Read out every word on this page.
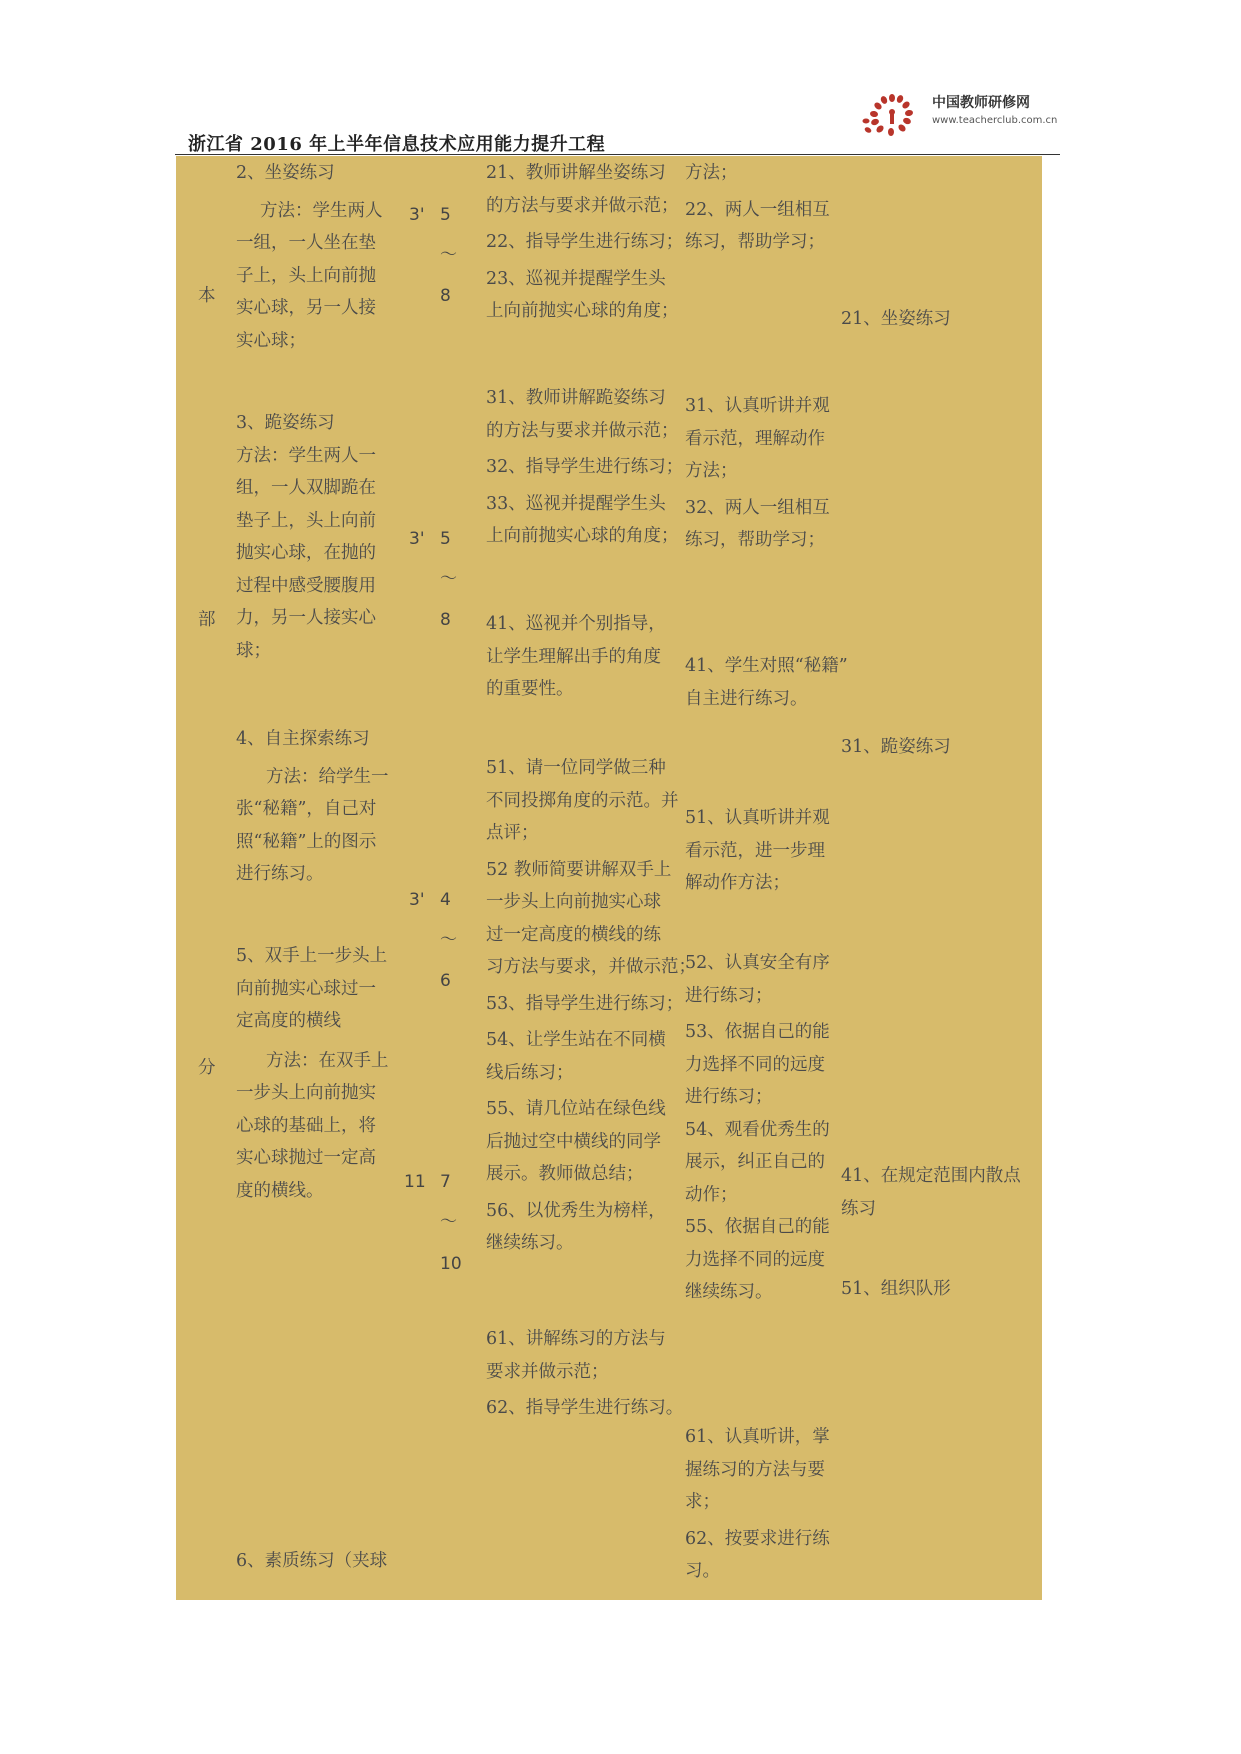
浙江省 2016 年上半年信息技术应用能力提升工程
中国教师研修网
www.teacherclub.com.cn
本
部
分
2、坐姿练习
方法：学生两人
一组，一人坐在垫
子上，头上向前抛
实心球，另一人接
实心球；
3、跪姿练习
方法：学生两人一
组，一人双脚跪在
垫子上，头上向前
抛实心球，在抛的
过程中感受腰腹用
力，另一人接实心
球；
4、自主探索练习
方法：给学生一
张“秘籍”，自己对
照“秘籍”上的图示
进行练习。
5、双手上一步头上
向前抛实心球过一
定高度的横线
方法：在双手上
一步头上向前抛实
心球的基础上，将
实心球抛过一定高
度的横线。
6、素质练习（夹球
3'
3'
3'
11
5
～
8
5
～
8
4
～
6
7
～
10
21、教师讲解坐姿练习
的方法与要求并做示范；
22、指导学生进行练习；
23、巡视并提醒学生头
上向前抛实心球的角度；
31、教师讲解跪姿练习
的方法与要求并做示范；
32、指导学生进行练习；
33、巡视并提醒学生头
上向前抛实心球的角度；
41、巡视并个别指导，
让学生理解出手的角度
的重要性。
51、请一位同学做三种
不同投掷角度的示范。并
点评；
52 教师简要讲解双手上
一步头上向前抛实心球
过一定高度的横线的练
习方法与要求，并做示范；
53、指导学生进行练习；
54、让学生站在不同横
线后练习；
55、请几位站在绿色线
后抛过空中横线的同学
展示。教师做总结；
56、以优秀生为榜样，
继续练习。
61、讲解练习的方法与
要求并做示范；
62、指导学生进行练习。
方法；
22、两人一组相互
练习，帮助学习；
31、认真听讲并观
看示范，理解动作
方法；
32、两人一组相互
练习，帮助学习；
41、学生对照“秘籍”
自主进行练习。
51、认真听讲并观
看示范，进一步理
解动作方法；
52、认真安全有序
进行练习；
53、依据自己的能
力选择不同的远度
进行练习；
54、观看优秀生的
展示，纠正自己的
动作；
55、依据自己的能
力选择不同的远度
继续练习。
61、认真听讲，掌
握练习的方法与要
求；
62、按要求进行练
习。
21、坐姿练习
31、跪姿练习
41、在规定范围内散点
练习
51、组织队形
